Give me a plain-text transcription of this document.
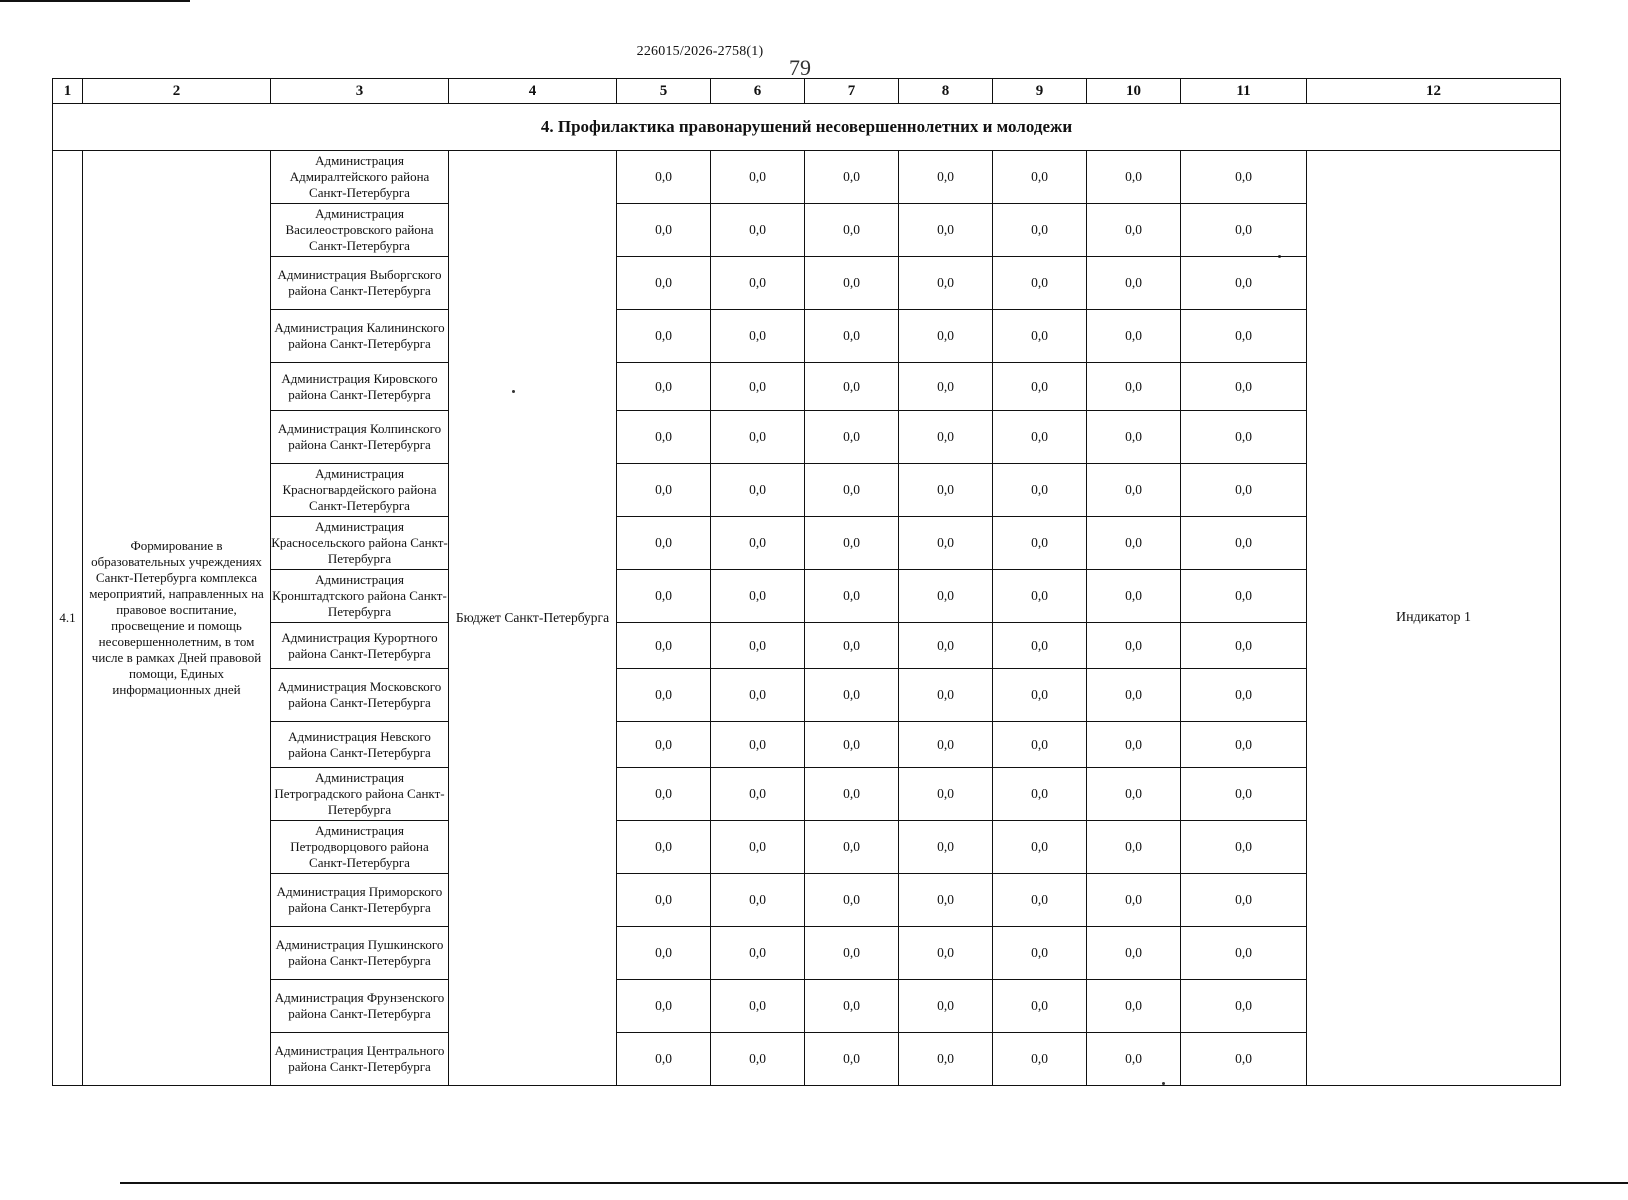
226015/2026-2758(1)
79
1	2	3	4	5	6	7	8	9	10	11	12
4. Профилактика правонарушений несовершеннолетних и молодежи											
4.1	Формирование в образовательных учреждениях Санкт-Петербурга комплекса мероприятий, направленных на правовое воспитание, просвещение и помощь несовершеннолетним, в том числе в рамках Дней правовой помощи, Единых информационных дней	Администрация Адмиралтейского района Санкт-Петербурга	Бюджет Санкт-Петербурга	0,0	0,0	0,0	0,0	0,0	0,0	0,0	Индикатор 1
		Администрация Василеостровского района Санкт-Петербурга		0,0	0,0	0,0	0,0	0,0	0,0	0,0	
		Администрация Выборгского района Санкт-Петербурга		0,0	0,0	0,0	0,0	0,0	0,0	0,0	
		Администрация Калининского района Санкт-Петербурга		0,0	0,0	0,0	0,0	0,0	0,0	0,0	
		Администрация Кировского района Санкт-Петербурга		0,0	0,0	0,0	0,0	0,0	0,0	0,0	
		Администрация Колпинского района Санкт-Петербурга		0,0	0,0	0,0	0,0	0,0	0,0	0,0	
		Администрация Красногвардейского района Санкт-Петербурга		0,0	0,0	0,0	0,0	0,0	0,0	0,0	
		Администрация Красносельского района Санкт-Петербурга		0,0	0,0	0,0	0,0	0,0	0,0	0,0	
		Администрация Кронштадтского района Санкт-Петербурга		0,0	0,0	0,0	0,0	0,0	0,0	0,0	
		Администрация Курортного района Санкт-Петербурга		0,0	0,0	0,0	0,0	0,0	0,0	0,0	
		Администрация Московского района Санкт-Петербурга		0,0	0,0	0,0	0,0	0,0	0,0	0,0	
		Администрация Невского района Санкт-Петербурга		0,0	0,0	0,0	0,0	0,0	0,0	0,0	
		Администрация Петроградского района Санкт-Петербурга		0,0	0,0	0,0	0,0	0,0	0,0	0,0	
		Администрация Петродворцового района Санкт-Петербурга		0,0	0,0	0,0	0,0	0,0	0,0	0,0	
		Администрация Приморского района Санкт-Петербурга		0,0	0,0	0,0	0,0	0,0	0,0	0,0	
		Администрация Пушкинского района Санкт-Петербурга		0,0	0,0	0,0	0,0	0,0	0,0	0,0	
		Администрация Фрунзенского района Санкт-Петербурга		0,0	0,0	0,0	0,0	0,0	0,0	0,0	
		Администрация Центрального района Санкт-Петербурга		0,0	0,0	0,0	0,0	0,0	0,0	0,0	
